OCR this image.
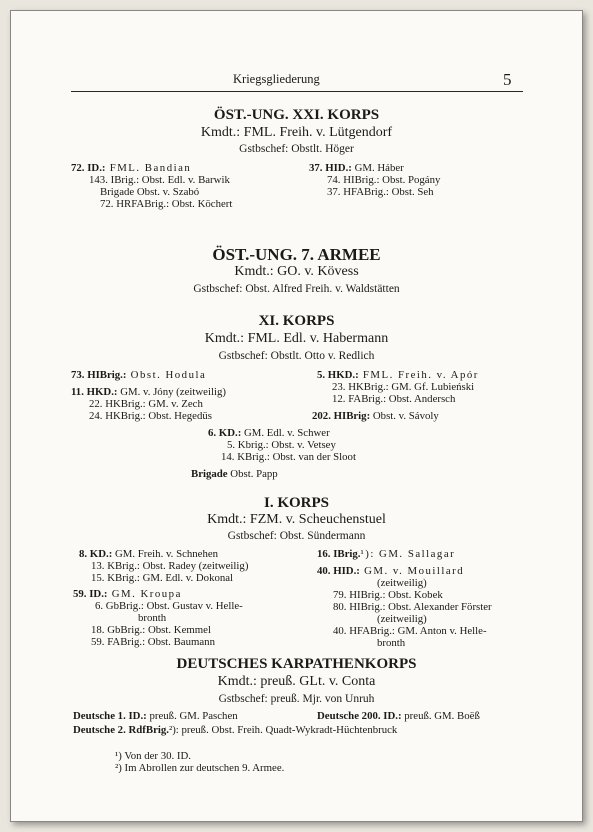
Kriegsgliederung	5
ÖST.-UNG. XXI. KORPS
Kmdt.: FML. Freih. v. Lütgendorf
Gstbschef: Obstlt. Höger
72. ID.: FML. Bandian
143. IBrig.: Obst. Edl. v. Barwik
Brigade Obst. v. Szabó
72. HRFABrig.: Obst. Köchert
37. HID.: GM. Háber
74. HIBrig.: Obst. Pogány
37. HFABrig.: Obst. Seh
ÖST.-UNG. 7. ARMEE
Kmdt.: GO. v. Kövess
Gstbschef: Obst. Alfred Freih. v. Waldstätten
XI. KORPS
Kmdt.: FML. Edl. v. Habermann
Gstbschef: Obstlt. Otto v. Redlich
73. HIBrig.: Obst. Hodula
11. HKD.: GM. v. Jóny (zeitweilig)
22. HKBrig.: GM. v. Zech
24. HKBrig.: Obst. Hegedüs
5. HKD.: FML. Freih. v. Apór
23. HKBrig.: GM. Gf. Lubieński
12. FABrig.: Obst. Andersch
202. HIBrig: Obst. v. Sávoly
6. KD.: GM. Edl. v. Schwer
5. Kbrig.: Obst. v. Vetsey
14. KBrig.: Obst. van der Sloot
Brigade Obst. Papp
I. KORPS
Kmdt.: FZM. v. Scheuchenstuel
Gstbschef: Obst. Sündermann
8. KD.: GM. Freih. v. Schnehen
13. KBrig.: Obst. Radey (zeitweilig)
15. KBrig.: GM. Edl. v. Dokonal
59. ID.: GM. Kroupa
6. GbBrig.: Obst. Gustav v. Helle-
bronth
18. GbBrig.: Obst. Kemmel
59. FABrig.: Obst. Baumann
16. IBrig.¹): GM. Sallagar
40. HID.: GM. v. Mouillard
(zeitweilig)
79. HIBrig.: Obst. Kobek
80. HIBrig.: Obst. Alexander Förster
(zeitweilig)
40. HFABrig.: GM. Anton v. Helle-
bronth
DEUTSCHES KARPATHENKORPS
Kmdt.: preuß. GLt. v. Conta
Gstbschef: preuß. Mjr. von Unruh
Deutsche 1. ID.: preuß. GM. Paschen	Deutsche 200. ID.: preuß. GM. Boëß
Deutsche 2. RdfBrig.²): preuß. Obst. Freih. Quadt-Wykradt-Hüchtenbruck
¹) Von der 30. ID.
²) Im Abrollen zur deutschen 9. Armee.
